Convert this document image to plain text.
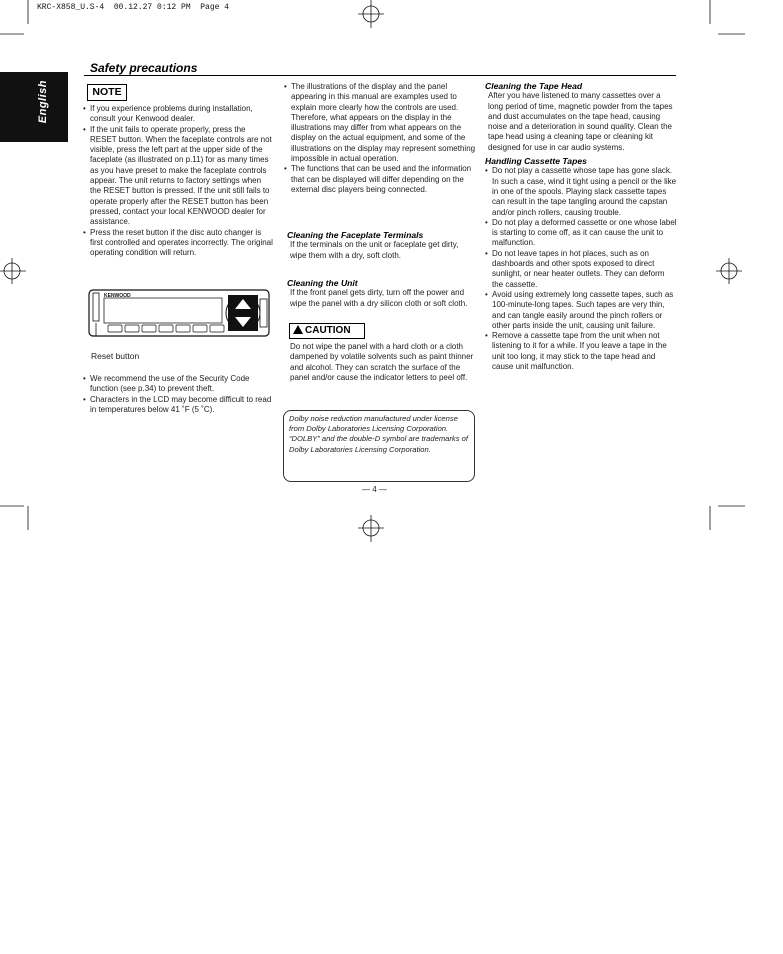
KRC-X858_U.S-4  00.12.27 0:12 PM  Page 4
English
Safety precautions
NOTE
• If you experience problems during installation, consult your Kenwood dealer.
• If the unit fails to operate properly, press the RESET button. When the faceplate controls are not visible, press the left part at the upper side of the faceplate (as illustrated on p.11) for as many times as you have preset to make the faceplate controls appear. The unit returns to factory settings when the RESET button is pressed. If the unit still fails to operate properly after the RESET button has been pressed, contact your local KENWOOD dealer for assistance.
• Press the reset button if the disc auto changer is first controlled and operates incorrectly. The original operating condition will return.
KENWOOD
Reset button
• We recommend the use of the Security Code function (see p.34) to prevent theft.
• Characters in the LCD may become difficult to read in temperatures below 41 ˚F (5 ˚C).
• The illustrations of the display and the panel appearing in this manual are examples used to explain more clearly how the controls are used. Therefore, what appears on the display in the illustrations may differ from what appears on the display on the actual equipment, and some of the illustrations on the display may represent something impossible in actual operation.
• The functions that can be used and the information that can be displayed will differ depending on the external disc players being connected.

Cleaning the Faceplate Terminals

If the terminals on the unit or faceplate get dirty, wipe them with a dry, soft cloth.

Cleaning the Unit

If the front panel gets dirty, turn off the power and wipe the panel with a dry silicon cloth or soft cloth.

CAUTION

Do not wipe the panel with a hard cloth or a cloth dampened by volatile solvents such as paint thinner and alcohol. They can scratch the surface of the panel and/or cause the indicator letters to peel off.

Dolby noise reduction manufactured under license from Dolby Laboratories Licensing Corporation.
“DOLBY” and the double-D symbol are trademarks of Dolby Laboratories Licensing Corporation.
— 4 —

Cleaning the Tape Head

After you have listened to many cassettes over a long period of time, magnetic powder from the tapes and dust accumulates on the tape head, causing noise and a deterioration in sound quality. Clean the tape head using a cleaning tape or cleaning kit designed for use in car audio systems.

Handling Cassette Tapes

• Do not play a cassette whose tape has gone slack. In such a case, wind it tight using a pencil or the like in one of the spools. Playing slack cassette tapes can result in the tape tangling around the capstan and/or pinch rollers, causing trouble.
• Do not play a deformed cassette or one whose label is starting to come off, as it can cause the unit to malfunction.
• Do not leave tapes in hot places, such as on dashboards and other spots exposed to direct sunlight, or near heater outlets. They can deform the cassette.
• Avoid using extremely long cassette tapes, such as 100-minute-long tapes. Such tapes are very thin, and can tangle easily around the pinch rollers or other parts inside the unit, causing unit failure.
• Remove a cassette tape from the unit when not listening to it for a while. If you leave a tape in the unit too long, it may stick to the tape head and cause unit malfunction.
